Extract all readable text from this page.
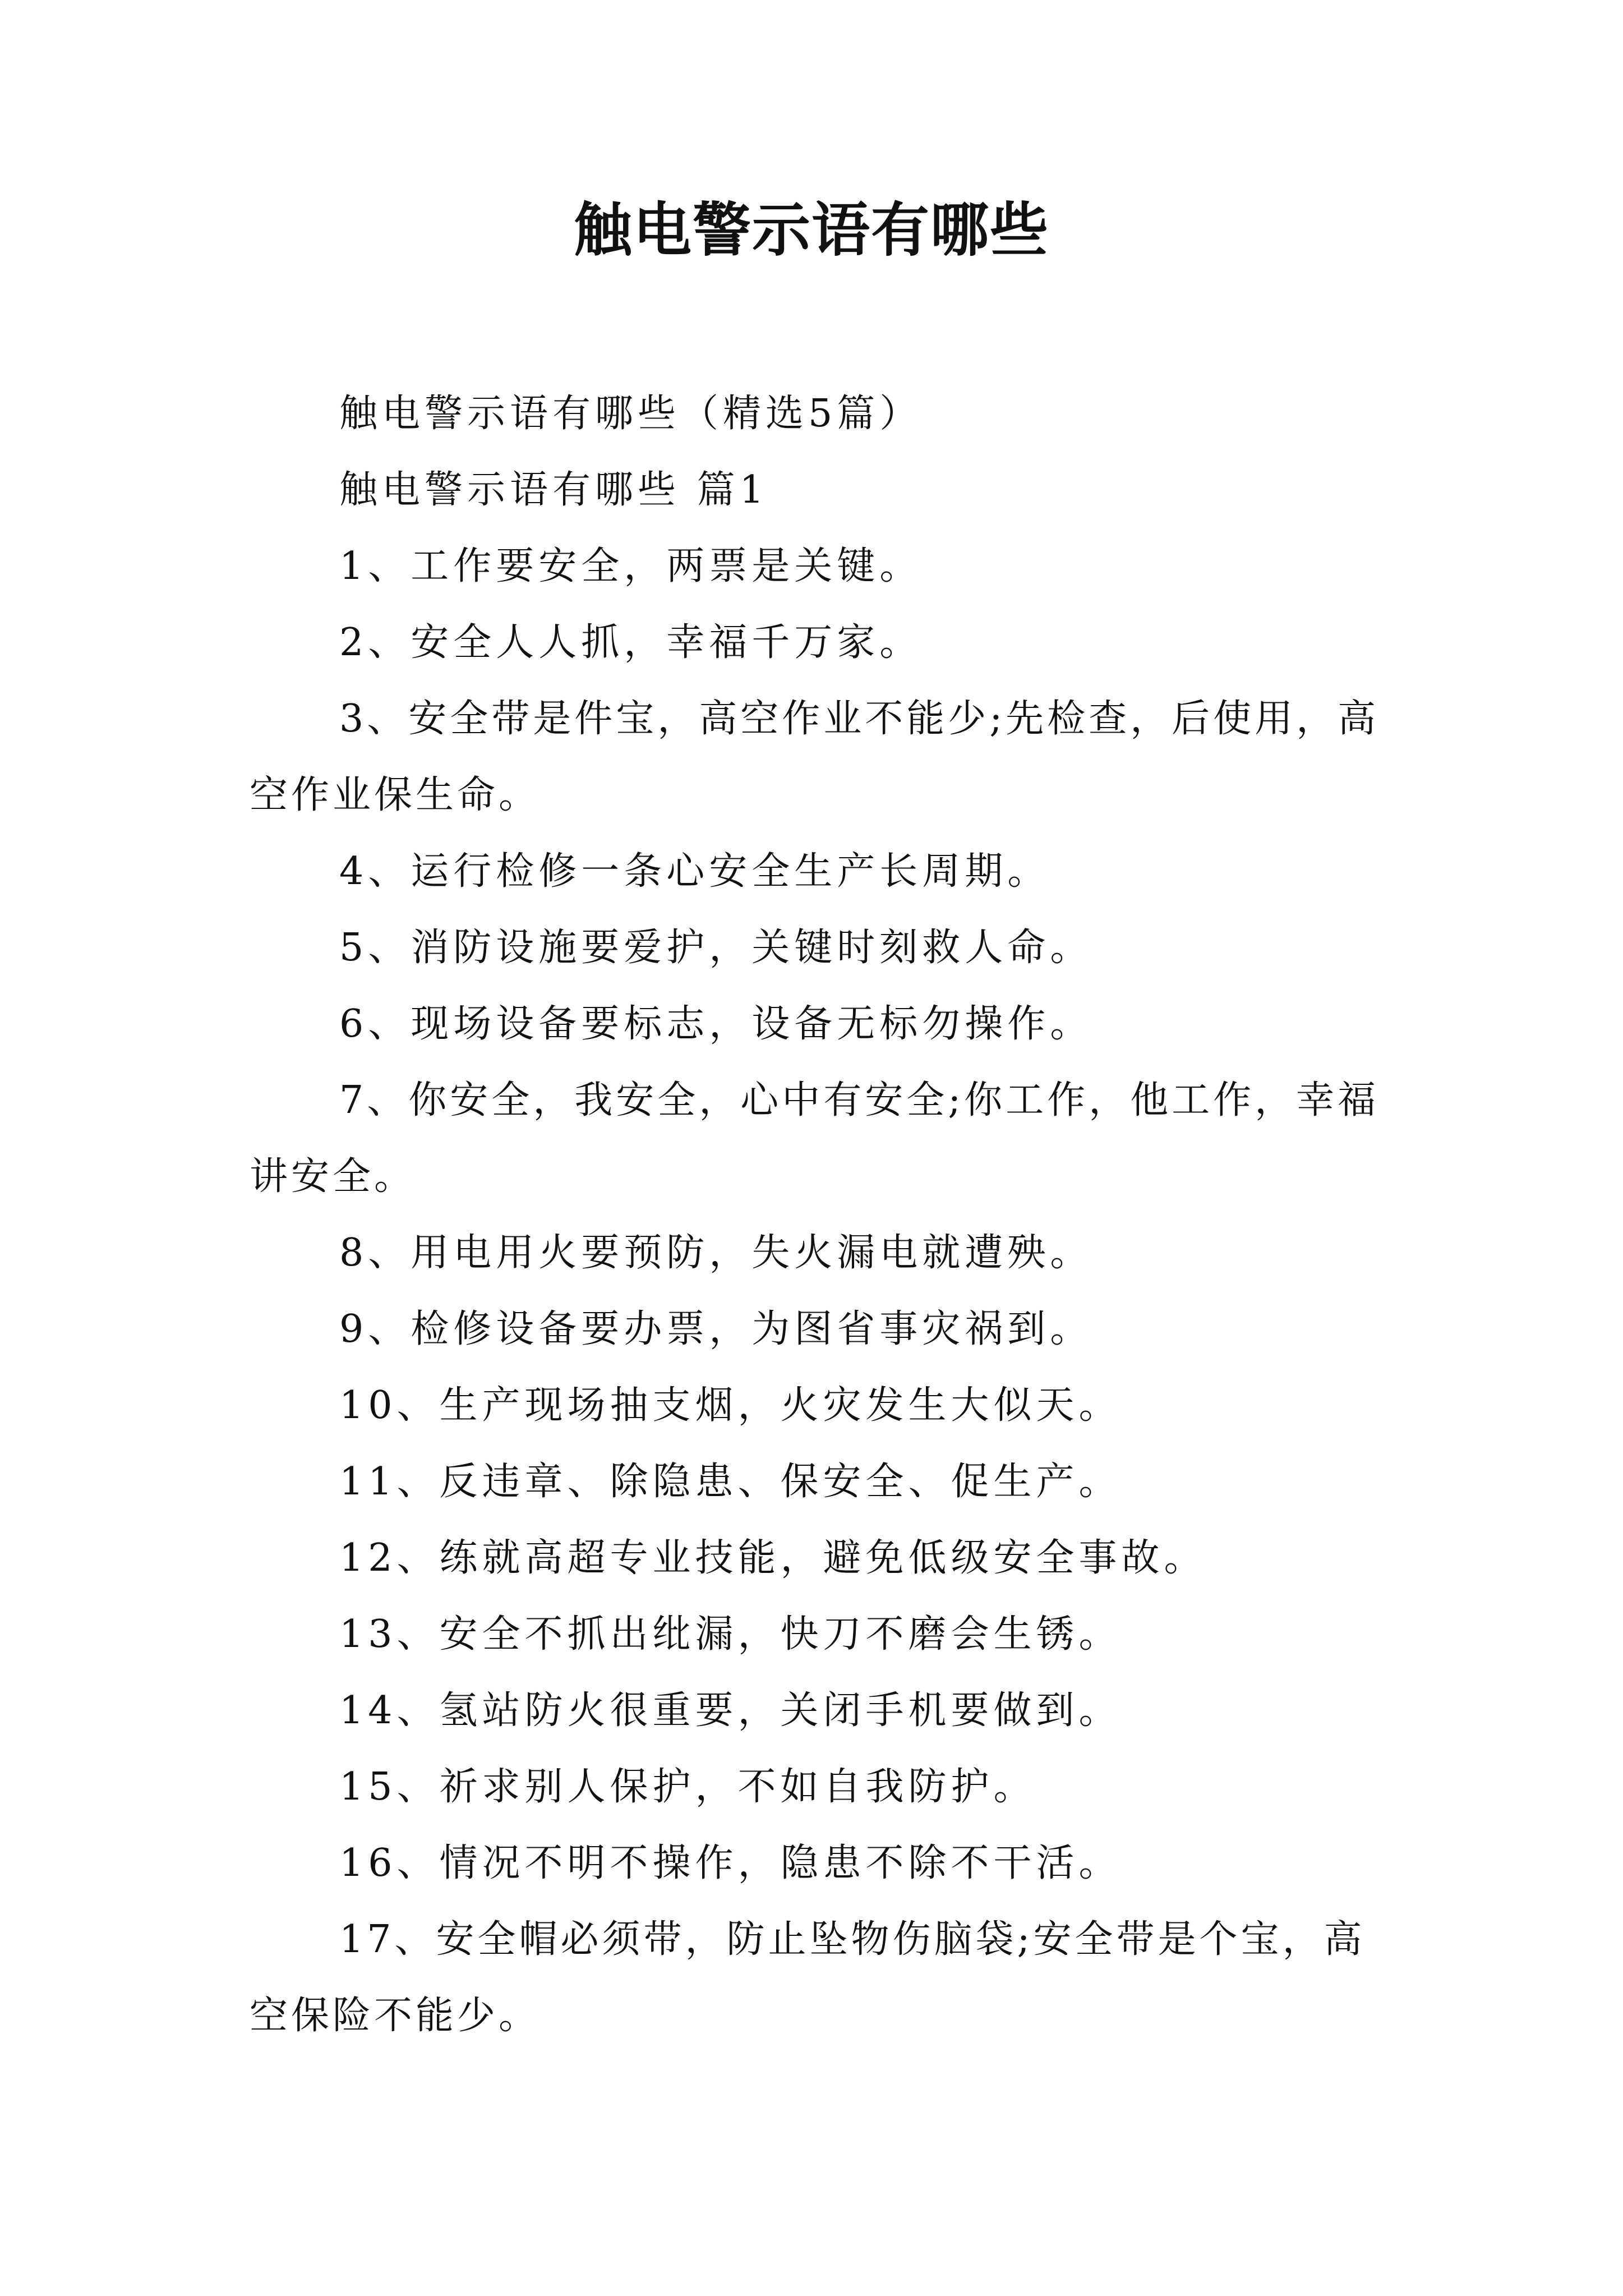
触电警示语有哪些

触电警示语有哪些（精选5篇）

触电警示语有哪些 篇1

1、工作要安全，两票是关键。

2、安全人人抓，幸福千万家。

3、安全带是件宝，高空作业不能少;先检查，后使用，高空作业保生命。

4、运行检修一条心安全生产长周期。

5、消防设施要爱护，关键时刻救人命。

6、现场设备要标志，设备无标勿操作。

7、你安全，我安全，心中有安全;你工作，他工作，幸福讲安全。

8、用电用火要预防，失火漏电就遭殃。

9、检修设备要办票，为图省事灾祸到。

10、生产现场抽支烟，火灾发生大似天。

11、反违章、除隐患、保安全、促生产。

12、练就高超专业技能，避免低级安全事故。

13、安全不抓出纰漏，快刀不磨会生锈。

14、氢站防火很重要，关闭手机要做到。

15、祈求别人保护，不如自我防护。

16、情况不明不操作，隐患不除不干活。

17、安全帽必须带，防止坠物伤脑袋;安全带是个宝，高空保险不能少。
